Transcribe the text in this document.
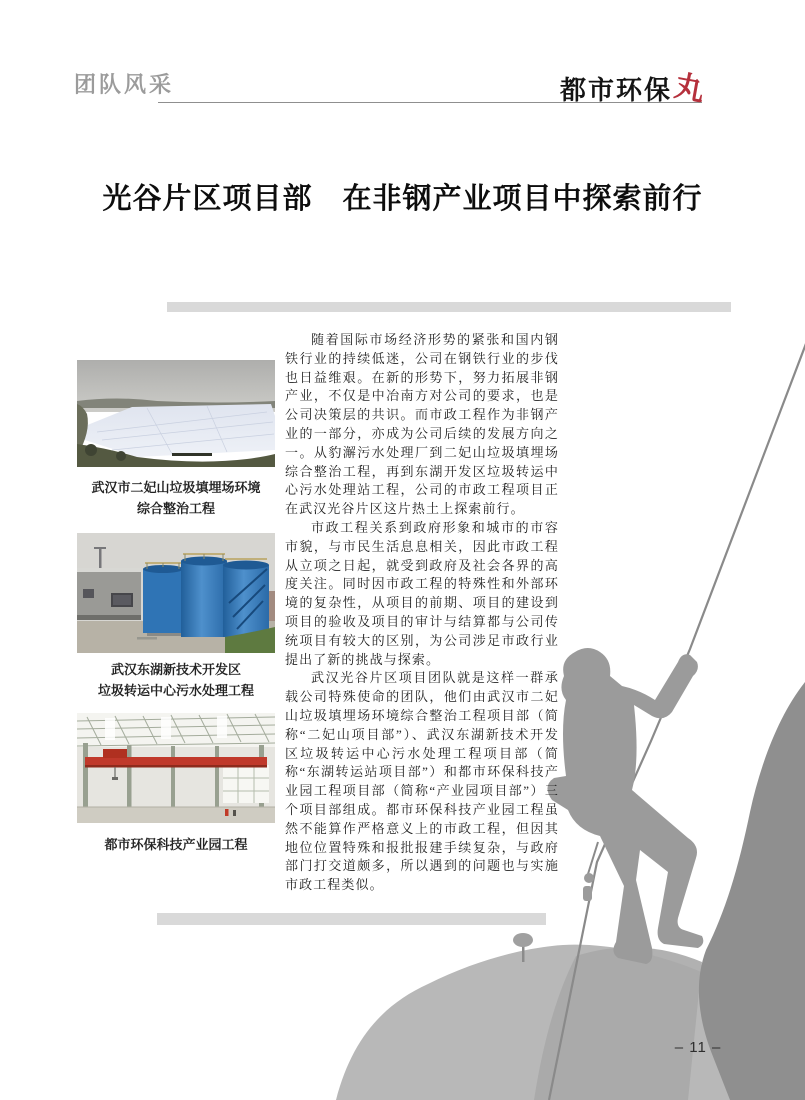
团队风采	都市环保 丸
光谷片区项目部　在非钢产业项目中探索前行
武汉市二妃山垃圾填埋场环境
综合整治工程
武汉东湖新技术开发区
垃圾转运中心污水处理工程
都市环保科技产业园工程

随着国际市场经济形势的紧张和国内钢铁行业的持续低迷，公司在钢铁行业的步伐也日益维艰。在新的形势下，努力拓展非钢产业，不仅是中冶南方对公司的要求，也是公司决策层的共识。而市政工程作为非钢产业的一部分，亦成为公司后续的发展方向之一。从豹澥污水处理厂到二妃山垃圾填埋场综合整治工程，再到东湖开发区垃圾转运中心污水处理站工程，公司的市政工程项目正在武汉光谷片区这片热土上探索前行。

市政工程关系到政府形象和城市的市容市貌，与市民生活息息相关，因此市政工程从立项之日起，就受到政府及社会各界的高度关注。同时因市政工程的特殊性和外部环境的复杂性，从项目的前期、项目的建设到项目的验收及项目的审计与结算都与公司传统项目有较大的区别，为公司涉足市政行业提出了新的挑战与探索。

武汉光谷片区项目团队就是这样一群承载公司特殊使命的团队，他们由武汉市二妃山垃圾填埋场环境综合整治工程项目部（简称“二妃山项目部”）、武汉东湖新技术开发区垃圾转运中心污水处理工程项目部（简称“东湖转运站项目部”）和都市环保科技产业园工程项目部（简称“产业园项目部”）三个项目部组成。都市环保科技产业园工程虽然不能算作严格意义上的市政工程，但因其地位位置特殊和报批报建手续复杂，与政府部门打交道颇多，所以遇到的问题也与实施市政工程类似。

– 11 –
